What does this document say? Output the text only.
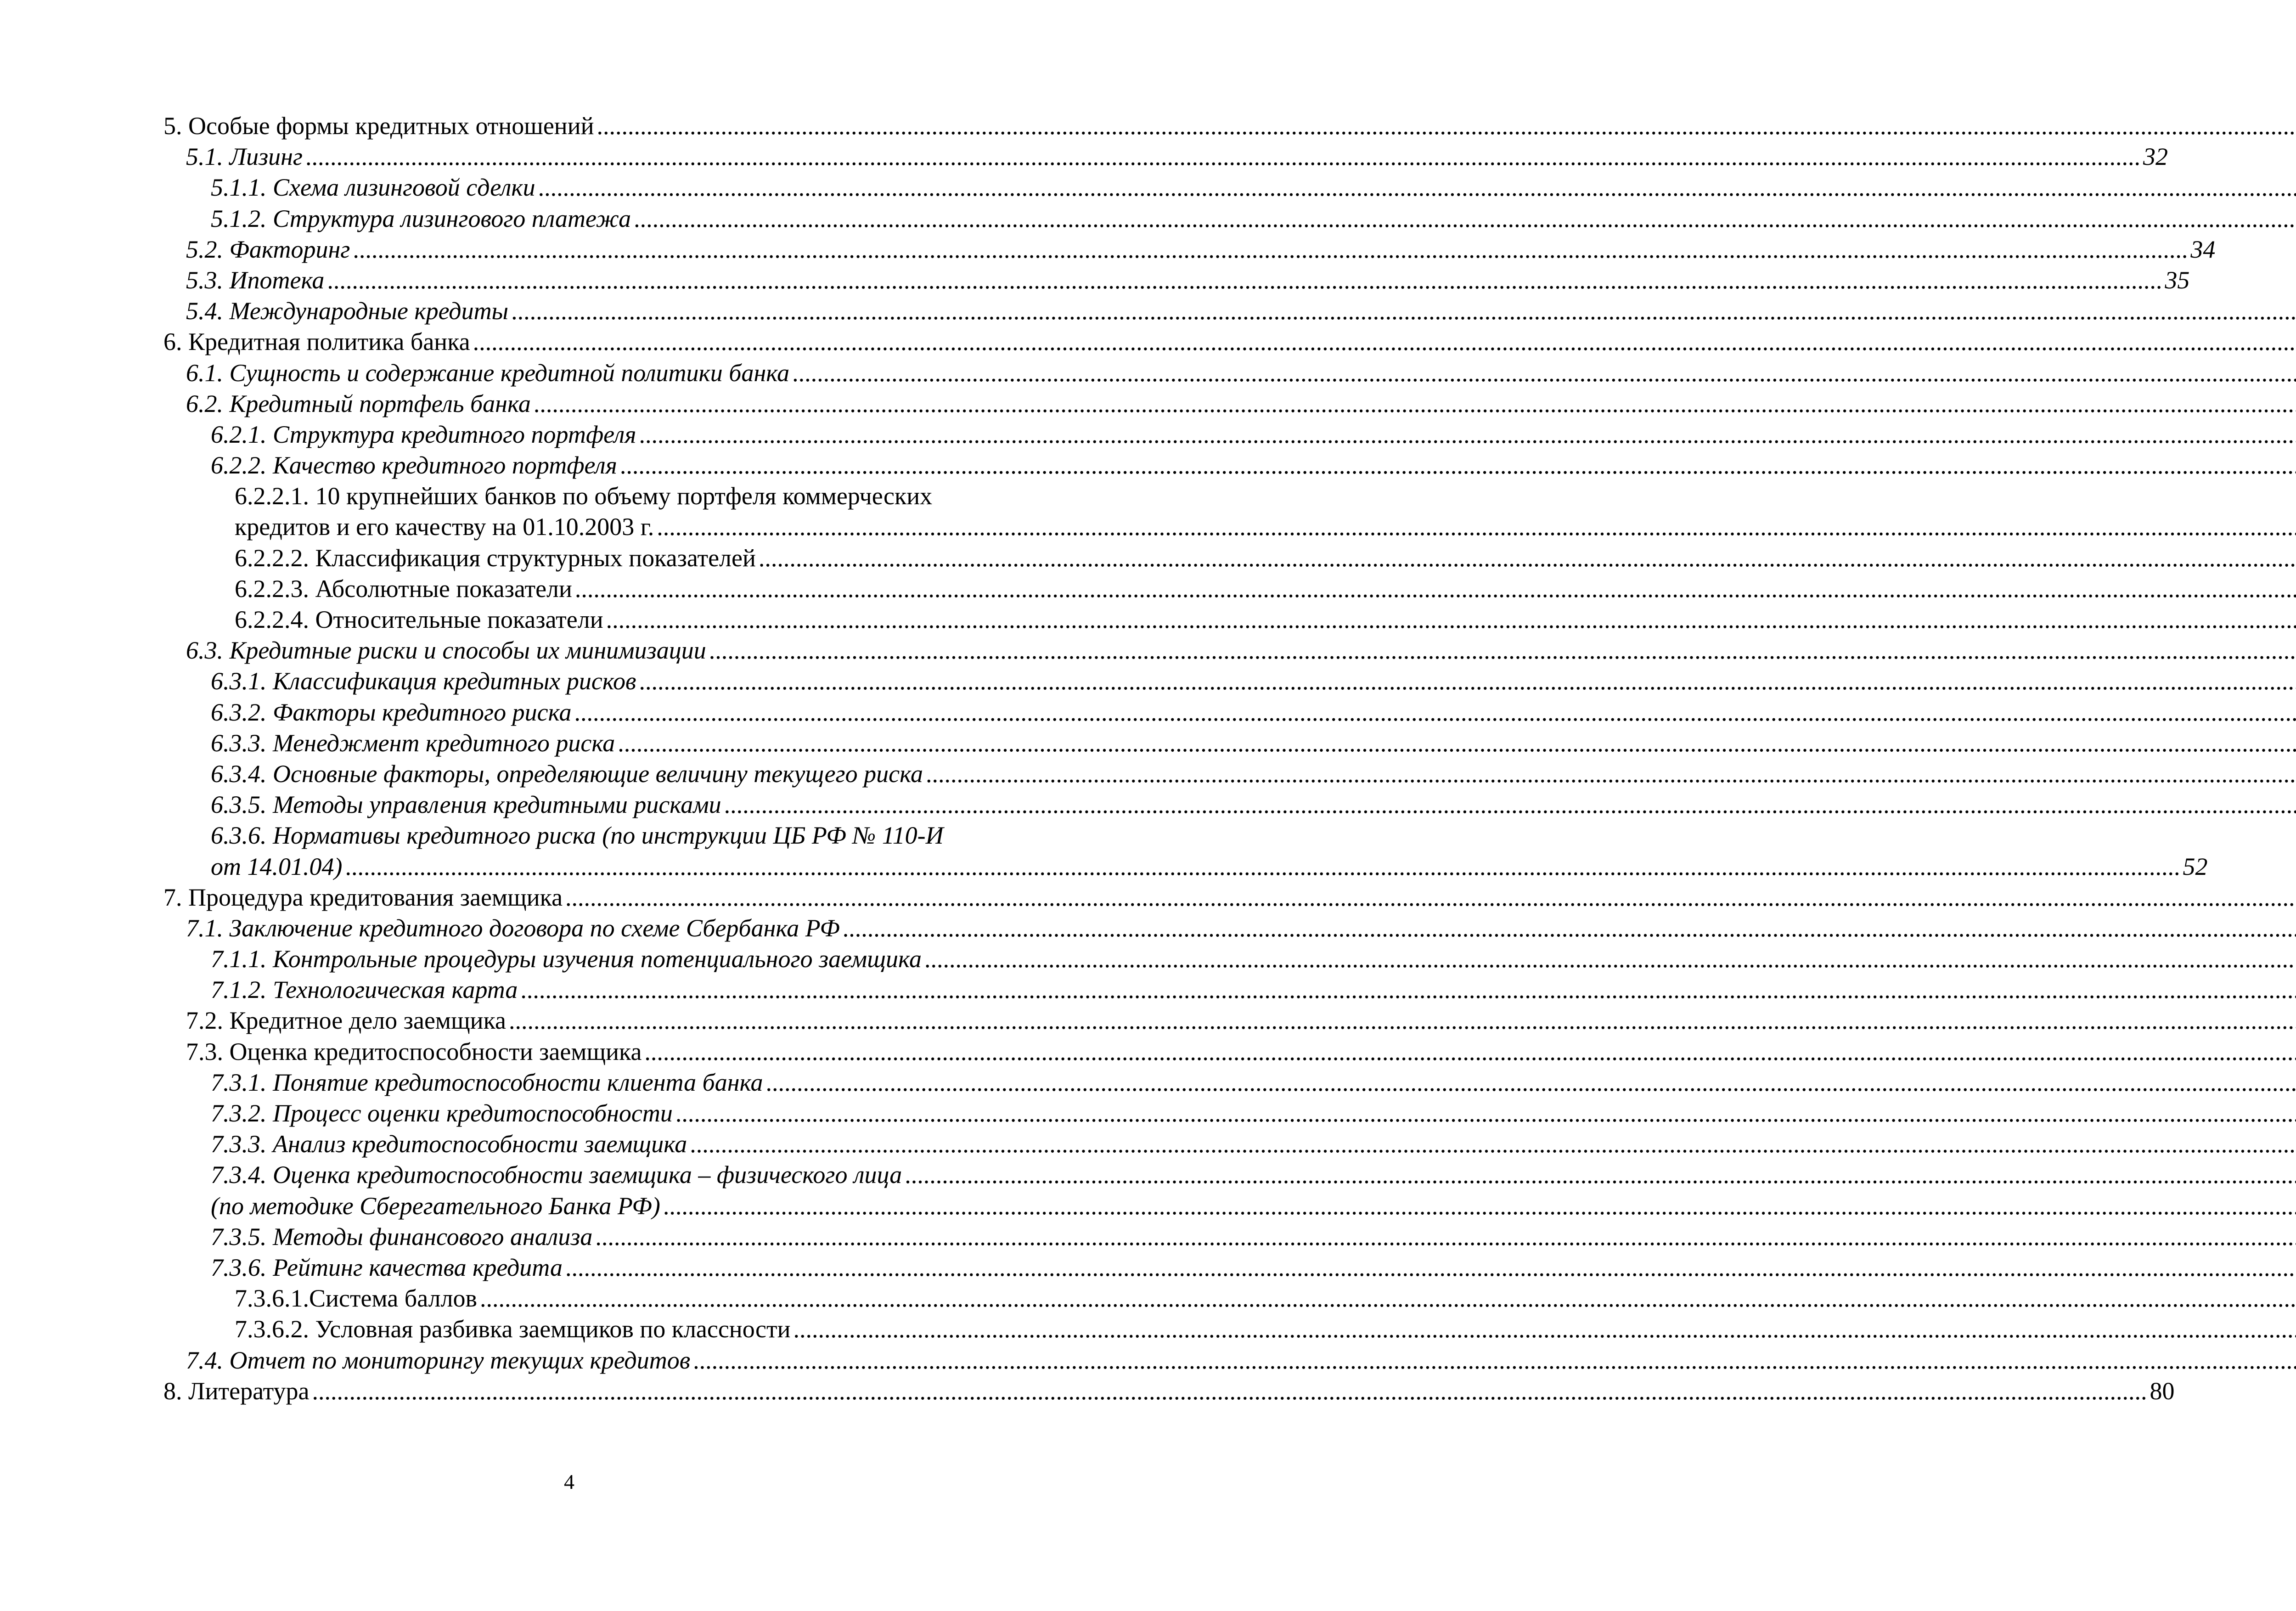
5. Особые формы кредитных отношений
.....
5.1. Лизинг .....	32
5.1.1. Схема лизинговой сделки
.....
5.1.2. Структура лизингового платежа
.....
5.2. Факторинг .....	34
5.3. Ипотека .....	35
5.4. Международные кредиты
.....
6. Кредитная политика банка
.....
6.1. Сущность и содержание кредитной политики банка
.....
6.2. Кредитный портфель банка
.....
6.2.1. Структура кредитного портфеля
.....
6.2.2. Качество кредитного портфеля
.....
6.2.2.1. 10 крупнейших банков по объему портфеля коммерческих
кредитов и его качеству на 01.10.2003 г.
.....
6.2.2.2. Классификация структурных показателей
.....
6.2.2.3. Абсолютные показатели
.....
6.2.2.4. Относительные показатели
.....
6.3. Кредитные риски и способы их минимизации
.....
6.3.1. Классификация кредитных рисков
.....
6.3.2. Факторы кредитного риска
.....
6.3.3. Менеджмент кредитного риска
.....
6.3.4. Основные факторы, определяющие величину текущего риска
.....
6.3.5. Методы управления кредитными рисками
.....
6.3.6. Нормативы кредитного риска (по инструкции ЦБ РФ № 110-И
от 14.01.04) .....	52
7. Процедура кредитования заемщика
.....
7.1. Заключение кредитного договора по схеме Сбербанка РФ
.....
7.1.1. Контрольные процедуры изучения потенциального заемщика
.....
7.1.2. Технологическая карта
.....
7.2. Кредитное дело заемщика
.....
7.3. Оценка кредитоспособности заемщика
.....
7.3.1. Понятие кредитоспособности клиента банка
.....
7.3.2. Процесс оценки кредитоспособности
.....
7.3.3. Анализ кредитоспособности заемщика
.....
7.3.4. Оценка кредитоспособности заемщика – физического лица
.....
(по методике Сберегательного Банка РФ)
.....
7.3.5. Методы финансового анализа
.....
7.3.6. Рейтинг качества кредита
.....
7.3.6.1.Система баллов
.....
7.3.6.2. Условная разбивка заемщиков по классности
.....
7.4. Отчет по мониторингу текущих кредитов
.....
8. Литература .....	80
4
